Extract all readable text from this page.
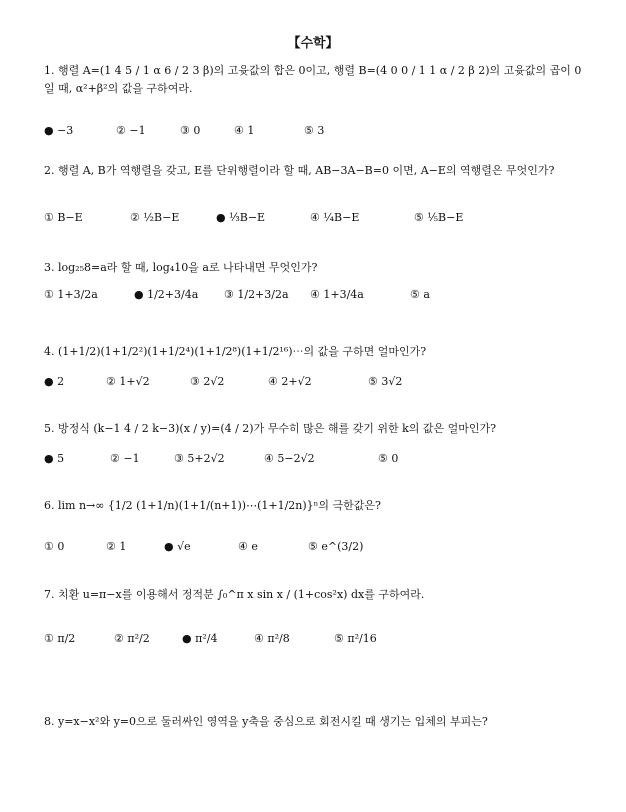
【수학】

1. 행렬 A=(1 4 5 / 1 α 6 / 2 3 β)의 고윳값의 합은 0이고, 행렬 B=(4 0 0 / 1 1 α / 2 β 2)의 고윳값의 곱이 0일 때, α²+β²의 값을 구하여라.

● −3	② −1	③ 0	④ 1	⑤ 3

2. 행렬 A, B가 역행렬을 갖고, E를 단위행렬이라 할 때, AB−3A−B=0 이면, A−E의 역행렬은 무엇인가?

① B−E	② ½B−E	● ⅓B−E	④ ¼B−E	⑤ ⅕B−E

3. log₂₅8=a라 할 때, log₄10을 a로 나타내면 무엇인가?

① 1+3/2a	● 1/2+3/4a ③ 1/2+3/2a ④ 1+3/4a	⑤ a

4. (1+1/2)(1+1/2²)(1+1/2⁴)(1+1/2⁸)(1+1/2¹⁶)⋯의 값을 구하면 얼마인가?

● 2	② 1+√2	③ 2√2	④ 2+√2	⑤ 3√2

5. 방정식 (k−1 4 / 2 k−3)(x / y)=(4 / 2)가 무수히 많은 해를 갖기 위한 k의 값은 얼마인가?

● 5	② −1	③ 5+2√2	④ 5−2√2	⑤ 0

6. lim n→∞ {1/2 (1+1/n)(1+1/(n+1))⋯(1+1/2n)}ⁿ의 극한값은?

① 0	② 1	● √e	④ e	⑤ e^(3/2)

7. 치환 u=π−x를 이용해서 정적분 ∫₀^π x sin x / (1+cos²x) dx를 구하여라.

① π/2	② π²/2	● π²/4	④ π²/8	⑤ π²/16

8. y=x−x²와 y=0으로 둘러싸인 영역을 y축을 중심으로 회전시킬 때 생기는 입체의 부피는?
